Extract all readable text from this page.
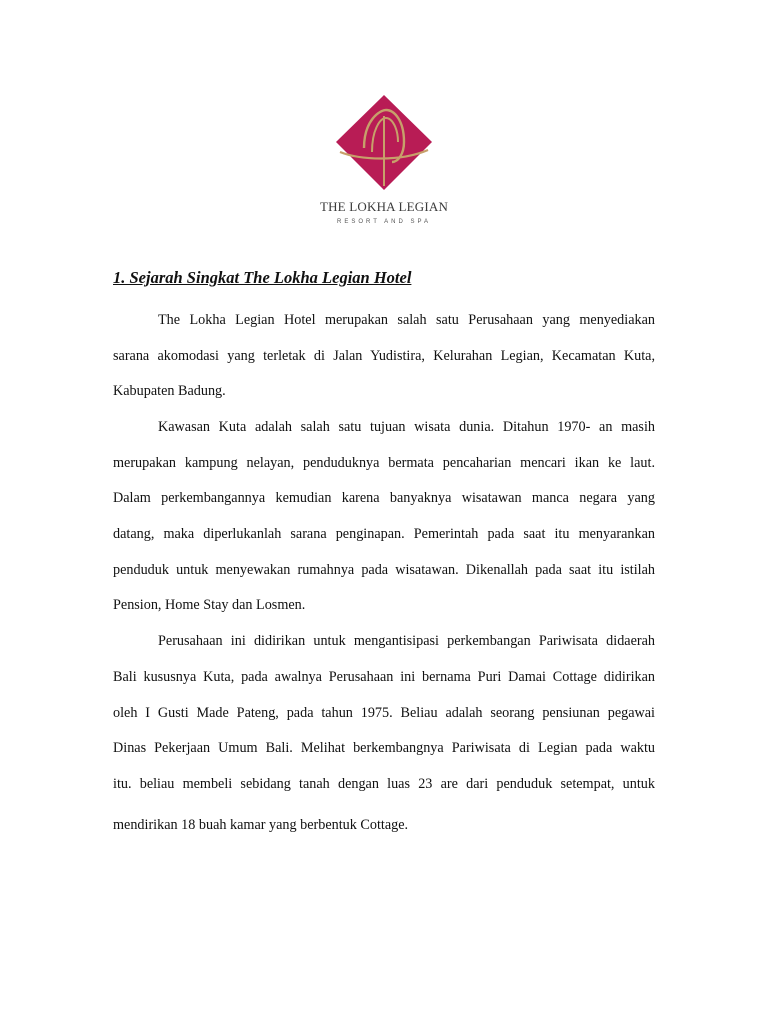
THE LOKHA LEGIAN
RESORT AND SPA
1. Sejarah Singkat The Lokha Legian Hotel
The Lokha Legian Hotel merupakan salah satu Perusahaan yang menyediakan
sarana akomodasi yang terletak di Jalan Yudistira, Kelurahan Legian, Kecamatan Kuta,
Kabupaten Badung.
Kawasan Kuta adalah salah satu tujuan wisata dunia. Ditahun 1970- an masih
merupakan kampung nelayan, penduduknya bermata pencaharian mencari ikan ke laut.
Dalam perkembangannya kemudian karena banyaknya wisatawan manca negara yang
datang, maka diperlukanlah sarana penginapan. Pemerintah pada saat itu menyarankan
penduduk untuk menyewakan rumahnya pada wisatawan. Dikenallah pada saat itu istilah
Pension, Home Stay dan Losmen.
Perusahaan ini didirikan untuk mengantisipasi perkembangan Pariwisata didaerah
Bali kususnya Kuta, pada awalnya Perusahaan ini bernama Puri Damai Cottage didirikan
oleh I Gusti Made Pateng, pada tahun 1975. Beliau adalah seorang pensiunan pegawai
Dinas Pekerjaan Umum Bali. Melihat berkembangnya Pariwisata di Legian pada waktu
itu. beliau membeli sebidang tanah dengan luas 23 are dari penduduk setempat, untuk
mendirikan 18 buah kamar yang berbentuk Cottage.
